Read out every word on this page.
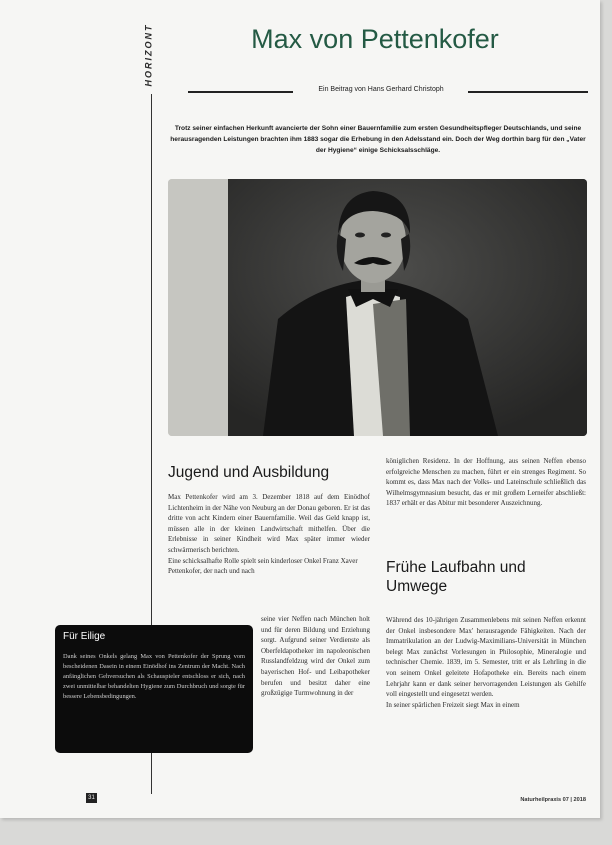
HORIZONT	Max von Pettenkofer
Ein Beitrag von Hans Gerhard Christoph
Trotz seiner einfachen Herkunft avancierte der Sohn einer Bauernfamilie zum ersten Gesundheitspfleger Deutschlands, und seine herausragenden Leistungen brachten ihm 1883 sogar die Erhebung in den Adelsstand ein. Doch der Weg dorthin barg für den „Vater der Hygiene“ einige Schicksalsschläge.
Jugend und Ausbildung

Max Pettenkofer wird am 3. Dezember 1818 auf dem Einödhof Lichtenheim in der Nähe von Neuburg an der Donau geboren. Er ist das dritte von acht Kindern einer Bauernfamilie. Weil das Geld knapp ist, müssen alle in der kleinen Landwirtschaft mithelfen. Über die Erlebnisse in seiner Kindheit wird Max später immer wieder schwärmerisch berichten.

Eine schicksalhafte Rolle spielt sein kinderloser Onkel Franz Xaver Pettenkofer, der nach und nach

seine vier Neffen nach München holt und für deren Bildung und Erziehung sorgt. Aufgrund seiner Verdienste als Oberfeldapotheker im napoleonischen Russlandfeldzug wird der Onkel zum bayerischen Hof- und Leibapotheker berufen und besitzt daher eine großzügige Turmwohnung in der

königlichen Residenz. In der Hoffnung, aus seinen Neffen ebenso erfolgreiche Menschen zu machen, führt er ein strenges Regiment. So kommt es, dass Max nach der Volks- und Lateinschule schließlich das Wilhelmsgymnasium besucht, das er mit großem Lerneifer abschließt: 1837 erhält er das Abitur mit besonderer Auszeichnung.

Frühe Laufbahn und Umwege

Während des 10-jährigen Zusammenlebens mit seinen Neffen erkennt der Onkel insbesondere Max' herausragende Fähigkeiten. Nach der Immatrikulation an der Ludwig-Maximilians-Universität in München belegt Max zunächst Vorlesungen in Philosophie, Mineralogie und technischer Chemie. 1839, im 5. Semester, tritt er als Lehrling in die von seinem Onkel geleitete Hofapotheke ein. Bereits nach einem Lehrjahr kann er dank seiner hervorragenden Leistungen als Gehilfe voll eingestellt und eingesetzt werden.

In seiner spärlichen Freizeit siegt Max in einem

Für Eilige

Dank seines Onkels gelang Max von Pettenkofer der Sprung vom bescheidenen Dasein in einem Einödhof ins Zentrum der Macht. Nach anfänglichen Gehversuchen als Schauspieler entschloss er sich, nach zwei unmittelbar behandelten Hygiene zum Durchbruch und sorgte für bessere Lebensbedingungen.

31	Naturheilpraxis 07 | 2018
